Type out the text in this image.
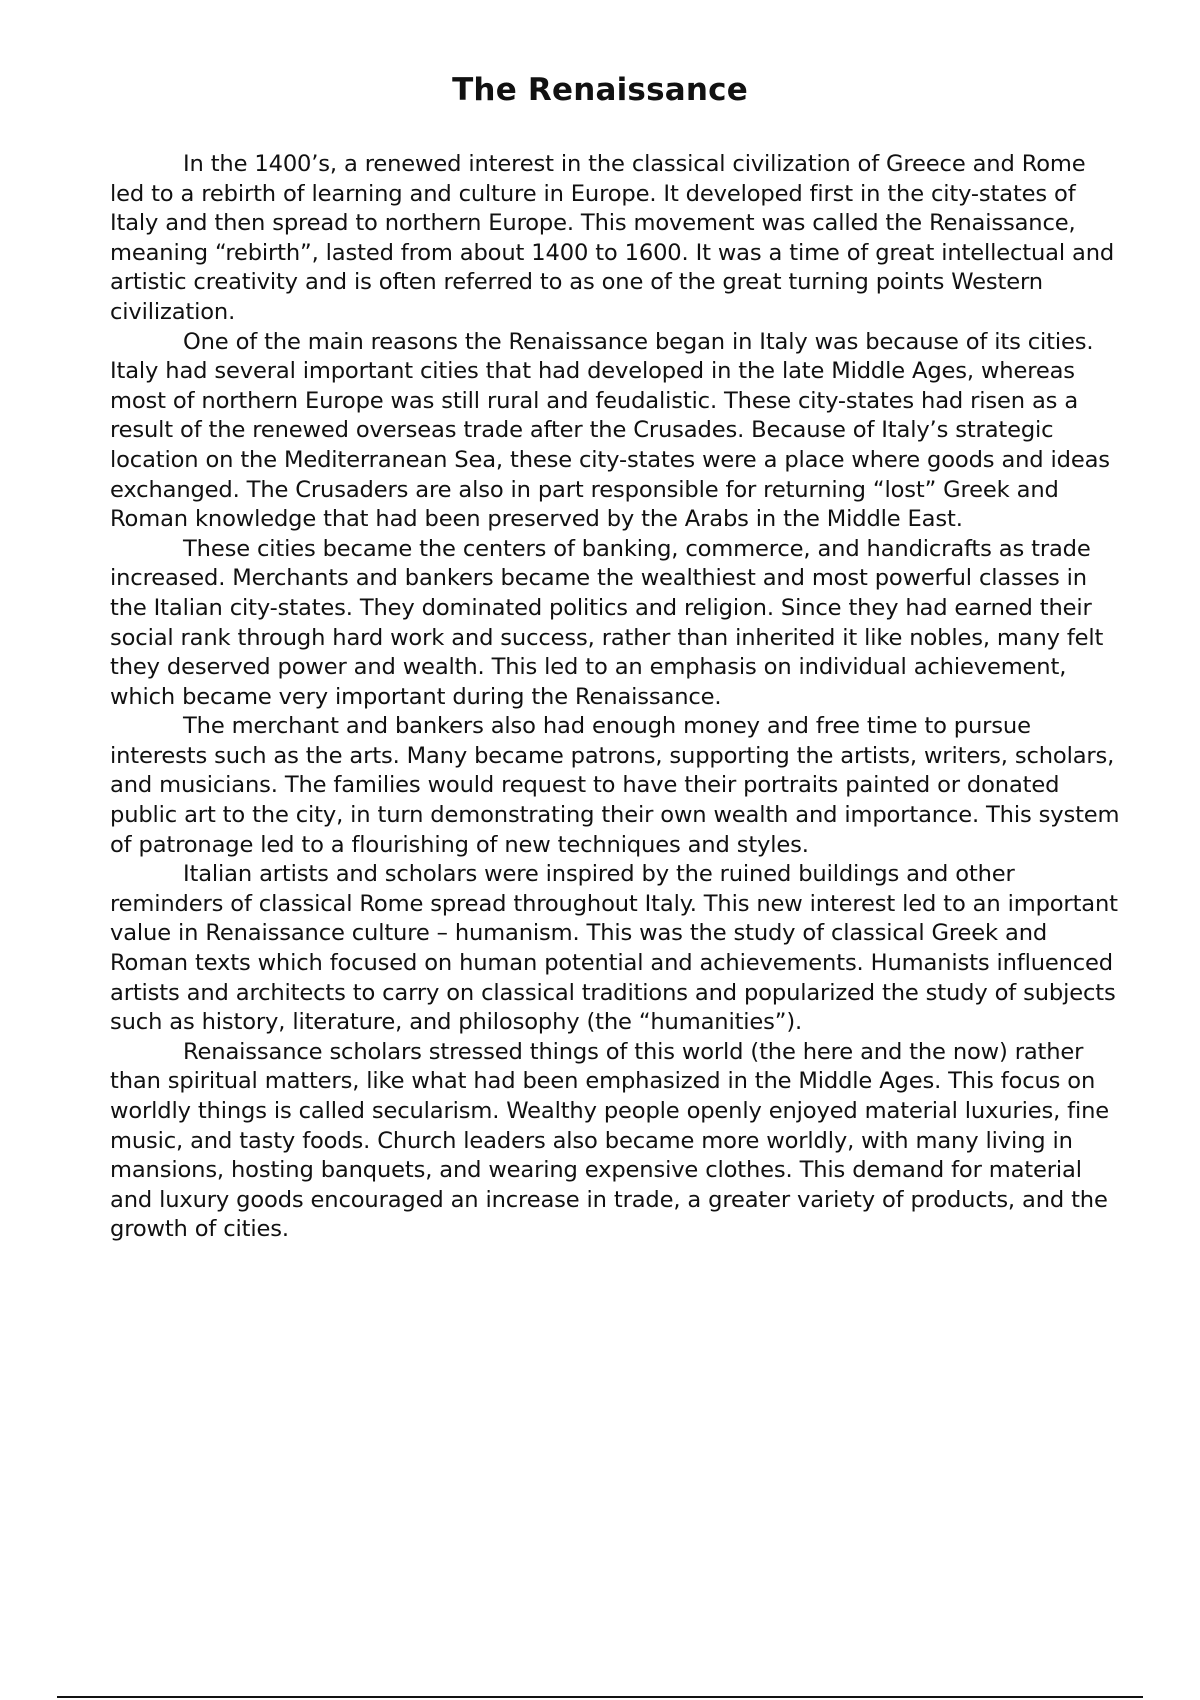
The Renaissance

In the 1400’s, a renewed interest in the classical civilization of Greece and Rome led to a rebirth of learning and culture in Europe. It developed first in the city-states of Italy and then spread to northern Europe. This movement was called the Renaissance, meaning “rebirth”, lasted from about 1400 to 1600. It was a time of great intellectual and artistic creativity and is often referred to as one of the great turning points Western civilization.

One of the main reasons the Renaissance began in Italy was because of its cities. Italy had several important cities that had developed in the late Middle Ages, whereas most of northern Europe was still rural and feudalistic. These city-states had risen as a result of the renewed overseas trade after the Crusades. Because of Italy’s strategic location on the Mediterranean Sea, these city-states were a place where goods and ideas exchanged. The Crusaders are also in part responsible for returning “lost” Greek and Roman knowledge that had been preserved by the Arabs in the Middle East.

These cities became the centers of banking, commerce, and handicrafts as trade increased. Merchants and bankers became the wealthiest and most powerful classes in the Italian city-states. They dominated politics and religion. Since they had earned their social rank through hard work and success, rather than inherited it like nobles, many felt they deserved power and wealth. This led to an emphasis on individual achievement, which became very important during the Renaissance.

The merchant and bankers also had enough money and free time to pursue interests such as the arts. Many became patrons, supporting the artists, writers, scholars, and musicians. The families would request to have their portraits painted or donated public art to the city, in turn demonstrating their own wealth and importance. This system of patronage led to a flourishing of new techniques and styles.

Italian artists and scholars were inspired by the ruined buildings and other reminders of classical Rome spread throughout Italy. This new interest led to an important value in Renaissance culture – humanism. This was the study of classical Greek and Roman texts which focused on human potential and achievements. Humanists influenced artists and architects to carry on classical traditions and popularized the study of subjects such as history, literature, and philosophy (the “humanities”).

Renaissance scholars stressed things of this world (the here and the now) rather than spiritual matters, like what had been emphasized in the Middle Ages. This focus on worldly things is called secularism. Wealthy people openly enjoyed material luxuries, fine music, and tasty foods. Church leaders also became more worldly, with many living in mansions, hosting banquets, and wearing expensive clothes. This demand for material and luxury goods encouraged an increase in trade, a greater variety of products, and the growth of cities.
